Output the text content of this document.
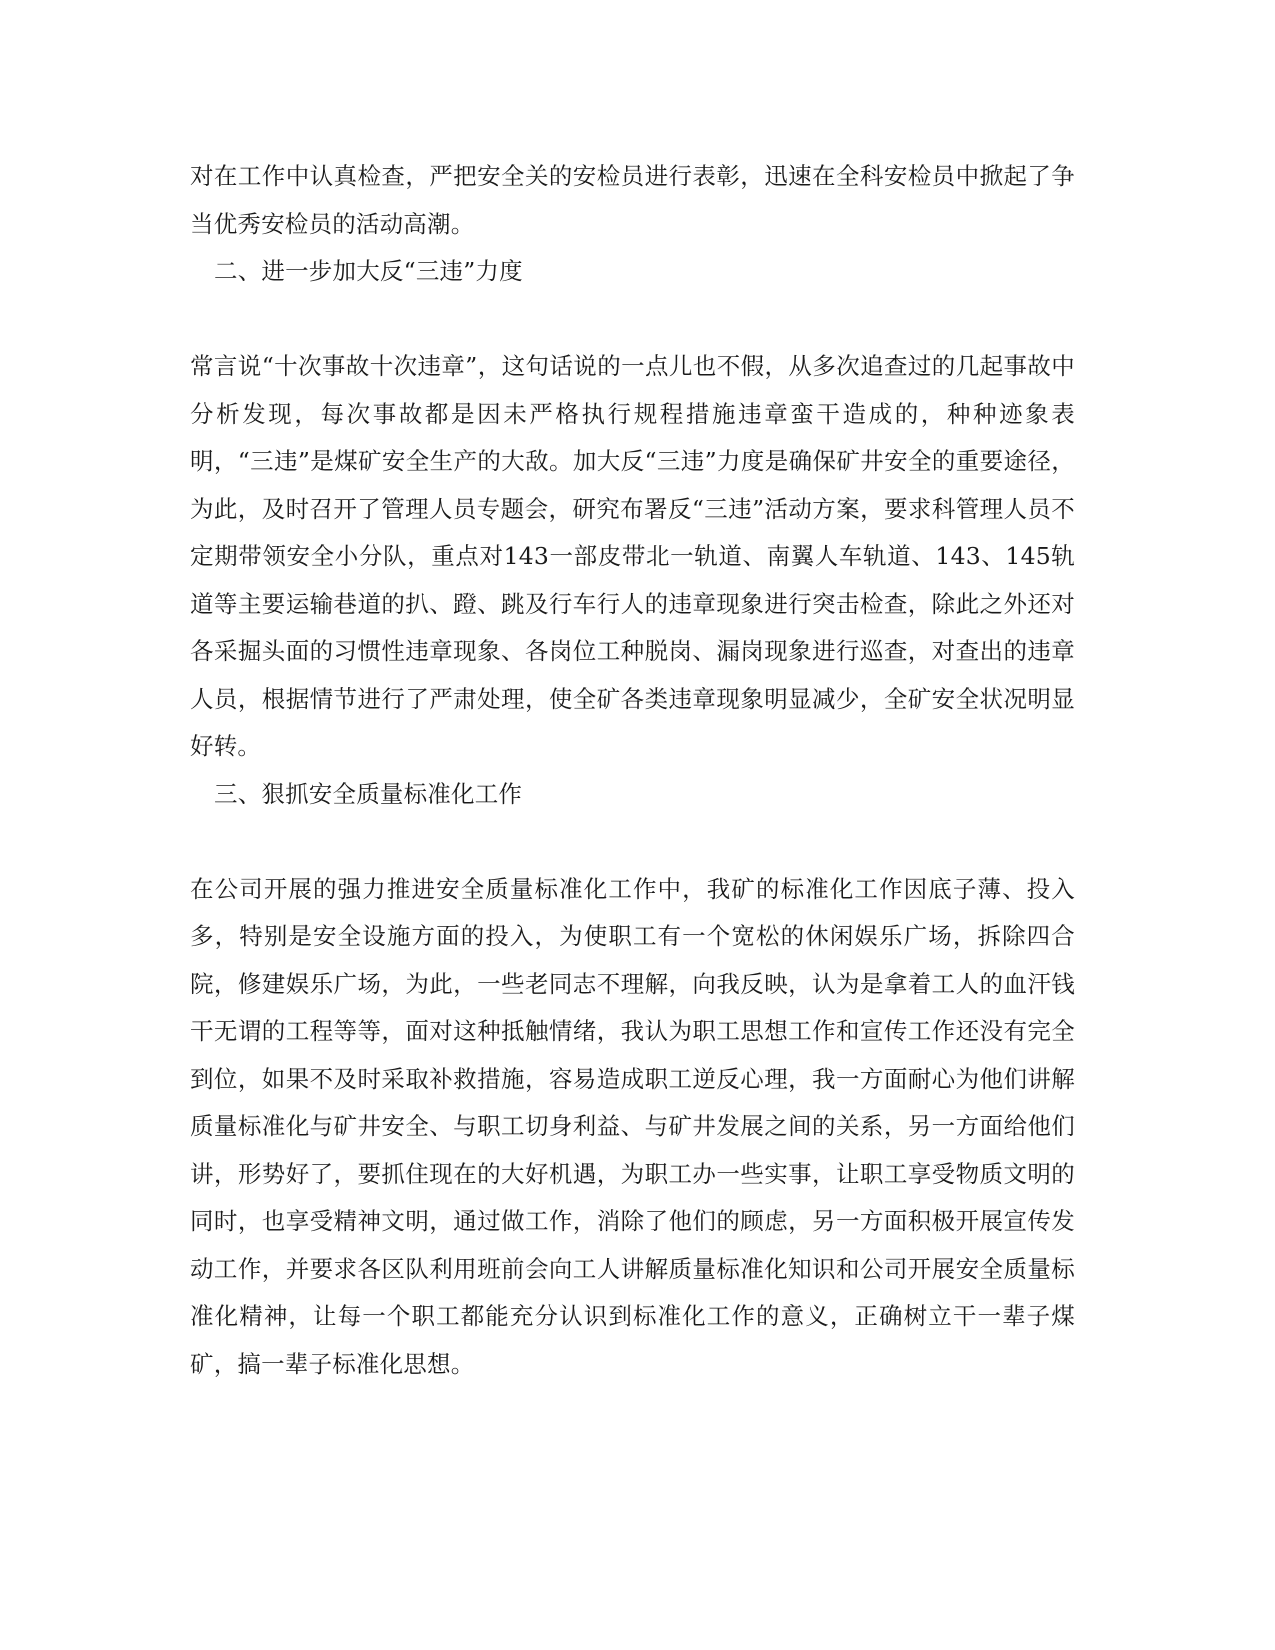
对在工作中认真检查，严把安全关的安检员进行表彰，迅速在全科安检员中掀起了争当优秀安检员的活动高潮。

二、进一步加大反“三违”力度

常言说“十次事故十次违章”，这句话说的一点儿也不假，从多次追查过的几起事故中分析发现，每次事故都是因未严格执行规程措施违章蛮干造成的，种种迹象表明，“三违”是煤矿安全生产的大敌。加大反“三违”力度是确保矿井安全的重要途径，为此，及时召开了管理人员专题会，研究布署反“三违”活动方案，要求科管理人员不定期带领安全小分队，重点对143一部皮带北一轨道、南翼人车轨道、143、145轨道等主要运输巷道的扒、蹬、跳及行车行人的违章现象进行突击检查，除此之外还对各采掘头面的习惯性违章现象、各岗位工种脱岗、漏岗现象进行巡查，对查出的违章人员，根据情节进行了严肃处理，使全矿各类违章现象明显减少，全矿安全状况明显好转。

三、狠抓安全质量标准化工作

在公司开展的强力推进安全质量标准化工作中，我矿的标准化工作因底子薄、投入多，特别是安全设施方面的投入，为使职工有一个宽松的休闲娱乐广场，拆除四合院，修建娱乐广场，为此，一些老同志不理解，向我反映，认为是拿着工人的血汗钱干无谓的工程等等，面对这种抵触情绪，我认为职工思想工作和宣传工作还没有完全到位，如果不及时采取补救措施，容易造成职工逆反心理，我一方面耐心为他们讲解质量标准化与矿井安全、与职工切身利益、与矿井发展之间的关系，另一方面给他们讲，形势好了，要抓住现在的大好机遇，为职工办一些实事，让职工享受物质文明的同时，也享受精神文明，通过做工作，消除了他们的顾虑，另一方面积极开展宣传发动工作，并要求各区队利用班前会向工人讲解质量标准化知识和公司开展安全质量标准化精神，让每一个职工都能充分认识到标准化工作的意义，正确树立干一辈子煤矿，搞一辈子标准化思想。
